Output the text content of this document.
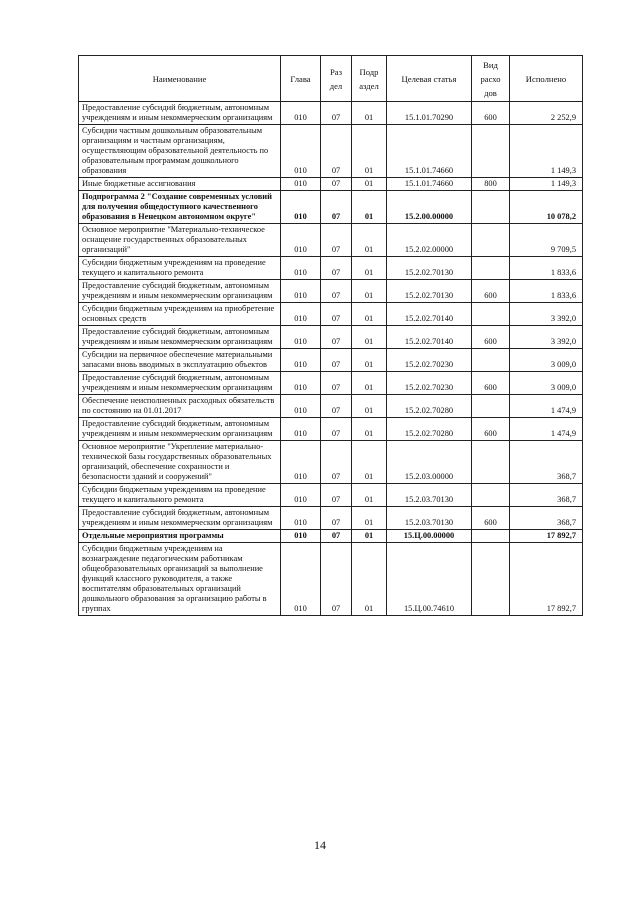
Наименование	Глава	Раз дел	Подр аздел	Целевая статья	Вид расхо дов	Исполнено
Предоставление субсидий бюджетным, автономным учреждениям и иным некоммерческим организациям	010	07	01	15.1.01.70290	600	2 252,9
Субсидии частным дошкольным образовательным организациям и частным организациям, осуществляющим образовательной деятельность по образовательным программам дошкольного образования	010	07	01	15.1.01.74660		1 149,3
Иные бюджетные ассигнования	010	07	01	15.1.01.74660	800	1 149,3
Подпрограмма 2 "Создание современных условий для получения общедоступного качественного образования в Ненецком автономном округе"	010	07	01	15.2.00.00000		10 078,2
Основное мероприятие "Материально-техническое оснащение государственных образовательных организаций"	010	07	01	15.2.02.00000		9 709,5
Субсидии бюджетным учреждениям на проведение текущего и капитального ремонта	010	07	01	15.2.02.70130		1 833,6
Предоставление субсидий бюджетным, автономным учреждениям и иным некоммерческим организациям	010	07	01	15.2.02.70130	600	1 833,6
Субсидии бюджетным учреждениям на приобретение основных средств	010	07	01	15.2.02.70140		3 392,0
Предоставление субсидий бюджетным, автономным учреждениям и иным некоммерческим организациям	010	07	01	15.2.02.70140	600	3 392,0
Субсидии на первичное обеспечение материальными запасами вновь вводимых в эксплуатацию объектов	010	07	01	15.2.02.70230		3 009,0
Предоставление субсидий бюджетным, автономным учреждениям и иным некоммерческим организациям	010	07	01	15.2.02.70230	600	3 009,0
Обеспечение неисполненных расходных обязательств по состоянию на 01.01.2017	010	07	01	15.2.02.70280		1 474,9
Предоставление субсидий бюджетным, автономным учреждениям и иным некоммерческим организациям	010	07	01	15.2.02.70280	600	1 474,9
Основное мероприятие "Укрепление материально-технической базы государственных образовательных организаций, обеспечение сохранности и безопасности зданий и сооружений"	010	07	01	15.2.03.00000		368,7
Субсидии бюджетным учреждениям на проведение текущего и капитального ремонта	010	07	01	15.2.03.70130		368,7
Предоставление субсидий бюджетным, автономным учреждениям и иным некоммерческим организациям	010	07	01	15.2.03.70130	600	368,7
Отдельные мероприятия программы	010	07	01	15.Ц.00.00000		17 892,7
Субсидии бюджетным учреждениям на вознаграждение педагогическим работникам общеобразовательных организаций за выполнение функций классного руководителя, а также воспитателям образовательных организаций дошкольного образования за организацию работы в группах	010	07	01	15.Ц.00.74610		17 892,7
14
